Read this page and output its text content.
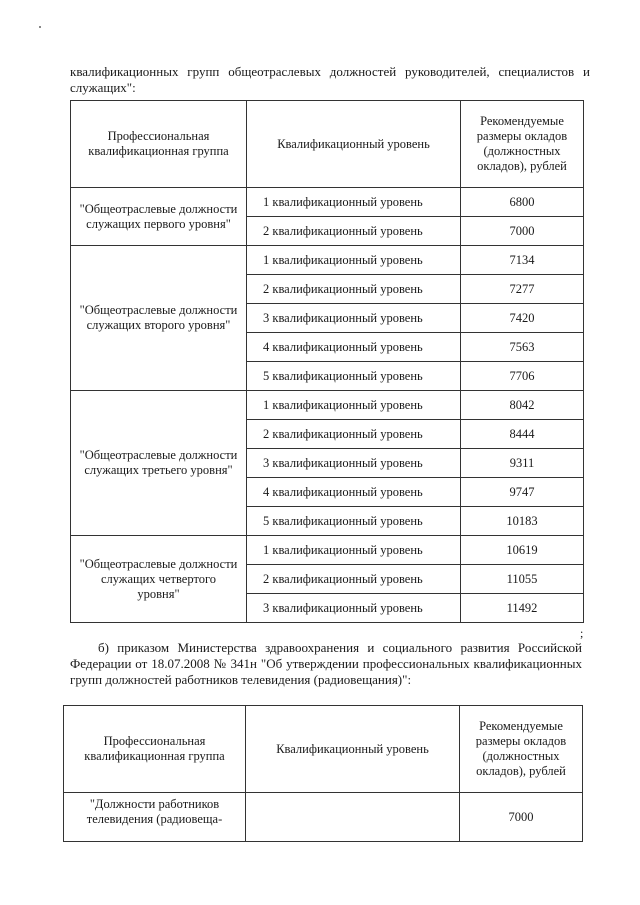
квалификационных групп общеотраслевых должностей руководителей, специалистов и служащих":
Профессиональная квалификационная группа	Квалификационный уровень	Рекомендуемые размеры окладов (должностных окладов), рублей

"Общеотраслевые должности служащих первого уровня"	1 квалификационный уровень	6800
	2 квалификационный уровень	7000

"Общеотраслевые должности служащих второго уровня"	1 квалификационный уровень	7134
	2 квалификационный уровень	7277
	3 квалификационный уровень	7420
	4 квалификационный уровень	7563
	5 квалификационный уровень	7706

"Общеотраслевые должности служащих третьего уровня"	1 квалификационный уровень	8042
	2 квалификационный уровень	8444
	3 квалификационный уровень	9311
	4 квалификационный уровень	9747
	5 квалификационный уровень	10183

"Общеотраслевые должности служащих четвертого уровня"	1 квалификационный уровень	10619
	2 квалификационный уровень	11055
	3 квалификационный уровень	11492
;
б) приказом Министерства здравоохранения и социального развития Российской Федерации от 18.07.2008 № 341н "Об утверждении профессиональных квалификационных групп должностей работников телевидения (радиовещания)":
Профессиональная квалификационная группа	Квалификационный уровень	Рекомендуемые размеры окладов (должностных окладов), рублей

"Должности работников телевидения (радиовеща-		7000
